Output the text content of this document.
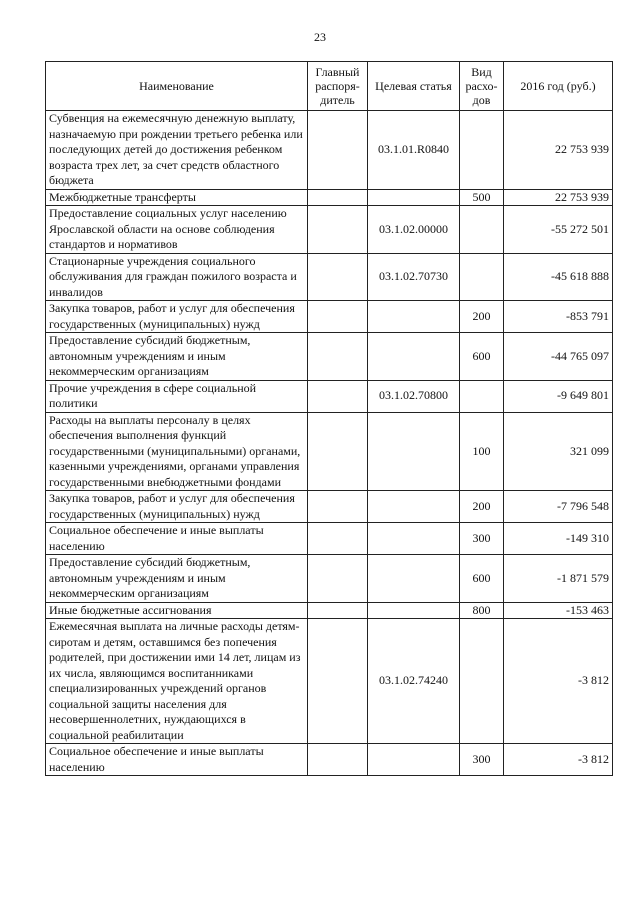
23
Наименование	Главный распоря-дитель	Целевая статья	Вид расхо-дов	2016 год (руб.)
Субвенция на ежемесячную денежную выплату, назначаемую при рождении третьего ребенка или последующих детей до достижения ребенком возраста трех лет, за счет средств областного бюджета		03.1.01.R0840		22 753 939
Межбюджетные трансферты			500	22 753 939
Предоставление социальных услуг населению Ярославской области на основе соблюдения стандартов и нормативов		03.1.02.00000		-55 272 501
Стационарные учреждения социального обслуживания для граждан пожилого возраста и инвалидов		03.1.02.70730		-45 618 888
Закупка товаров, работ и услуг для обеспечения государственных (муниципальных) нужд			200	-853 791
Предоставление субсидий бюджетным, автономным учреждениям и иным некоммерческим организациям			600	-44 765 097
Прочие учреждения в сфере социальной политики		03.1.02.70800		-9 649 801
Расходы на выплаты персоналу в целях обеспечения выполнения функций государственными (муниципальными) органами, казенными учреждениями, органами управления государственными внебюджетными фондами			100	321 099
Закупка товаров, работ и услуг для обеспечения государственных (муниципальных) нужд			200	-7 796 548
Социальное обеспечение и иные выплаты населению			300	-149 310
Предоставление субсидий бюджетным, автономным учреждениям и иным некоммерческим организациям			600	-1 871 579
Иные бюджетные ассигнования			800	-153 463
Ежемесячная выплата на личные расходы детям-сиротам и детям, оставшимся без попечения родителей, при достижении ими 14 лет, лицам из их числа, являющимся воспитанниками специализированных учреждений органов социальной защиты населения для несовершеннолетних, нуждающихся в социальной реабилитации		03.1.02.74240		-3 812
Социальное обеспечение и иные выплаты населению			300	-3 812
